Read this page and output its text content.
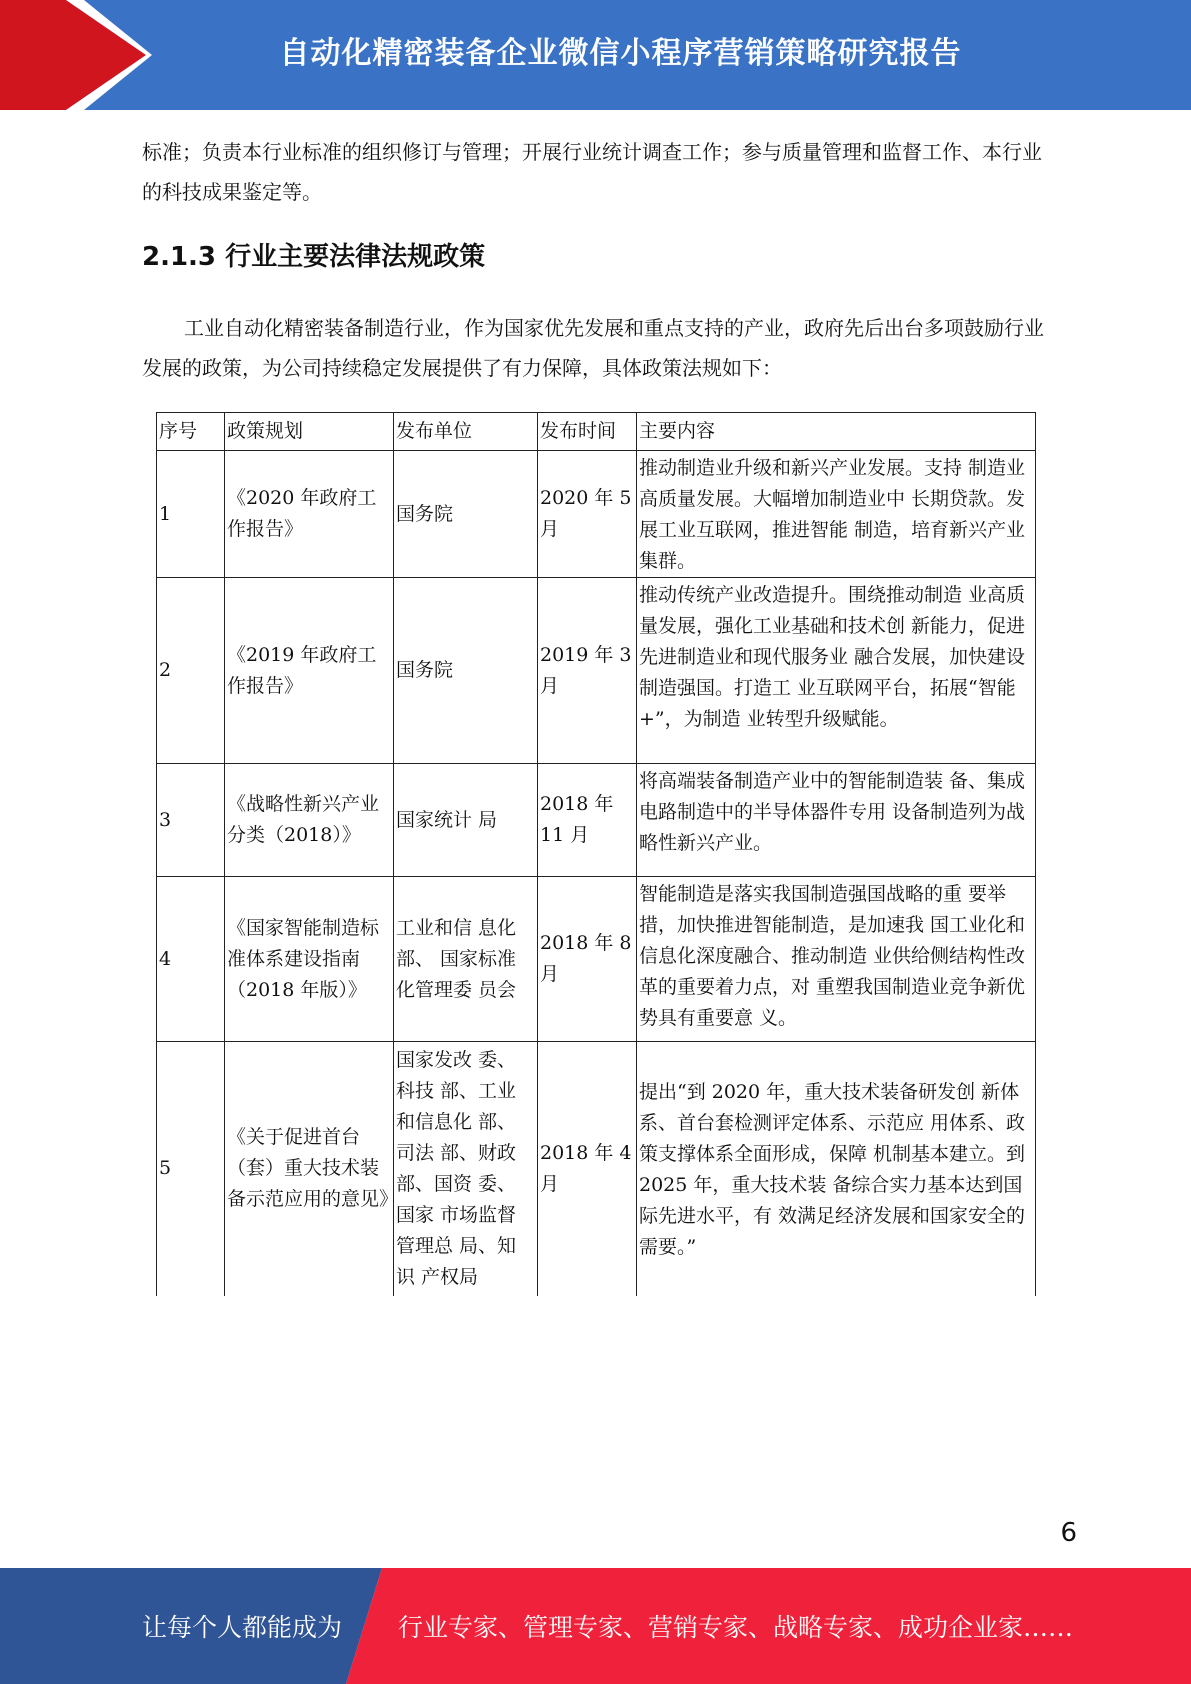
自动化精密装备企业微信小程序营销策略研究报告

标准；负责本行业标准的组织修订与管理；开展行业统计调查工作；参与质量管理和监督工作、本行业的科技成果鉴定等。

2.1.3 行业主要法律法规政策

工业自动化精密装备制造行业，作为国家优先发展和重点支持的产业，政府先后出台多项鼓励行业发展的政策，为公司持续稳定发展提供了有力保障，具体政策法规如下：

序号	政策规划	发布单位	发布时间	主要内容
1	《2020 年政府工作报告》	国务院	2020 年 5 月	推动制造业升级和新兴产业发展。支持 制造业高质量发展。大幅增加制造业中 长期贷款。发展工业互联网，推进智能 制造，培育新兴产业集群。
2	《2019 年政府工作报告》	国务院	2019 年 3 月	推动传统产业改造提升。围绕推动制造 业高质量发展，强化工业基础和技术创 新能力，促进先进制造业和现代服务业 融合发展，加快建设制造强国。打造工 业互联网平台，拓展“智能+”，为制造 业转型升级赋能。
3	《战略性新兴产业分类（2018）》	国家统计 局	2018 年 11 月	将高端装备制造产业中的智能制造装 备、集成电路制造中的半导体器件专用 设备制造列为战略性新兴产业。
4	《国家智能制造标准体系建设指南（2018 年版）》	工业和信 息化部、 国家标准化管理委 员会	2018 年 8 月	智能制造是落实我国制造强国战略的重 要举措，加快推进智能制造，是加速我 国工业化和信息化深度融合、推动制造 业供给侧结构性改革的重要着力点，对 重塑我国制造业竞争新优势具有重要意 义。
5	《关于促进首台（套）重大技术装备示范应用的意见》	国家发改 委、科技 部、工业和信息化 部、司法 部、财政部、国资 委、国家 市场监督管理总 局、知识 产权局	2018 年 4 月	提出“到 2020 年，重大技术装备研发创 新体系、首台套检测评定体系、示范应 用体系、政策支撑体系全面形成，保障 机制基本建立。到 2025 年，重大技术装 备综合实力基本达到国际先进水平，有 效满足经济发展和国家安全的需要。”
6
让每个人都能成为 行业专家、管理专家、营销专家、战略专家、成功企业家……
